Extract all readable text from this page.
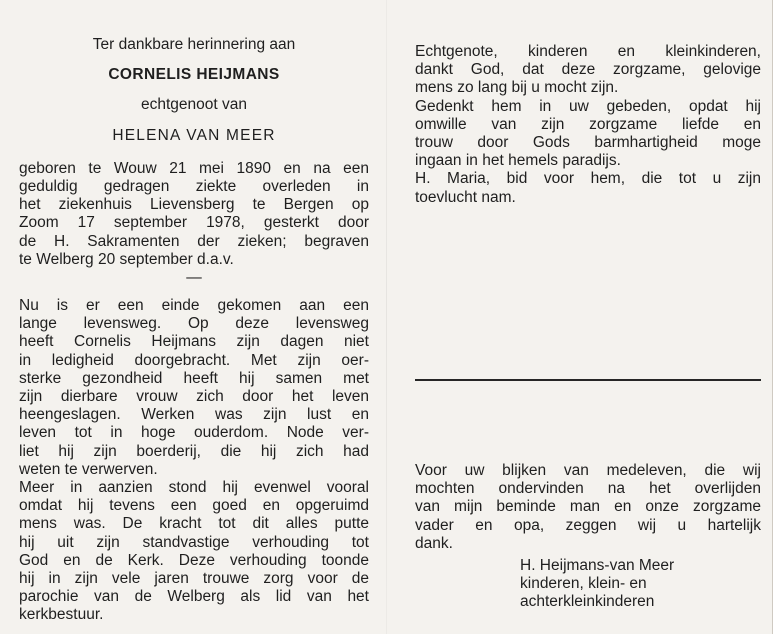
Ter dankbare herinnering aan
CORNELIS HEIJMANS
echtgenoot van
HELENA VAN MEER
geboren te Wouw 21 mei 1890 en na een
geduldig gedragen ziekte overleden in
het ziekenhuis Lievensberg te Bergen op
Zoom 17 september 1978, gesterkt door
de H. Sakramenten der zieken; begraven
te Welberg 20 september d.a.v.
—
Nu is er een einde gekomen aan een
lange levensweg. Op deze levensweg
heeft Cornelis Heijmans zijn dagen niet
in ledigheid doorgebracht. Met zijn oer-
sterke gezondheid heeft hij samen met
zijn dierbare vrouw zich door het leven
heengeslagen. Werken was zijn lust en
leven tot in hoge ouderdom. Node ver-
liet hij zijn boerderij, die hij zich had
weten te verwerven.
Meer in aanzien stond hij evenwel vooral
omdat hij tevens een goed en opgeruimd
mens was. De kracht tot dit alles putte
hij uit zijn standvastige verhouding tot
God en de Kerk. Deze verhouding toonde
hij in zijn vele jaren trouwe zorg voor de
parochie van de Welberg als lid van het
kerkbestuur.
Echtgenote, kinderen en kleinkinderen,
dankt God, dat deze zorgzame, gelovige
mens zo lang bij u mocht zijn.
Gedenkt hem in uw gebeden, opdat hij
omwille van zijn zorgzame liefde en
trouw door Gods barmhartigheid moge
ingaan in het hemels paradijs.
H. Maria, bid voor hem, die tot u zijn
toevlucht nam.
Voor uw blijken van medeleven, die wij
mochten ondervinden na het overlijden
van mijn beminde man en onze zorgzame
vader en opa, zeggen wij u hartelijk
dank.
H. Heijmans-van Meer
kinderen, klein- en
achterkleinkinderen
